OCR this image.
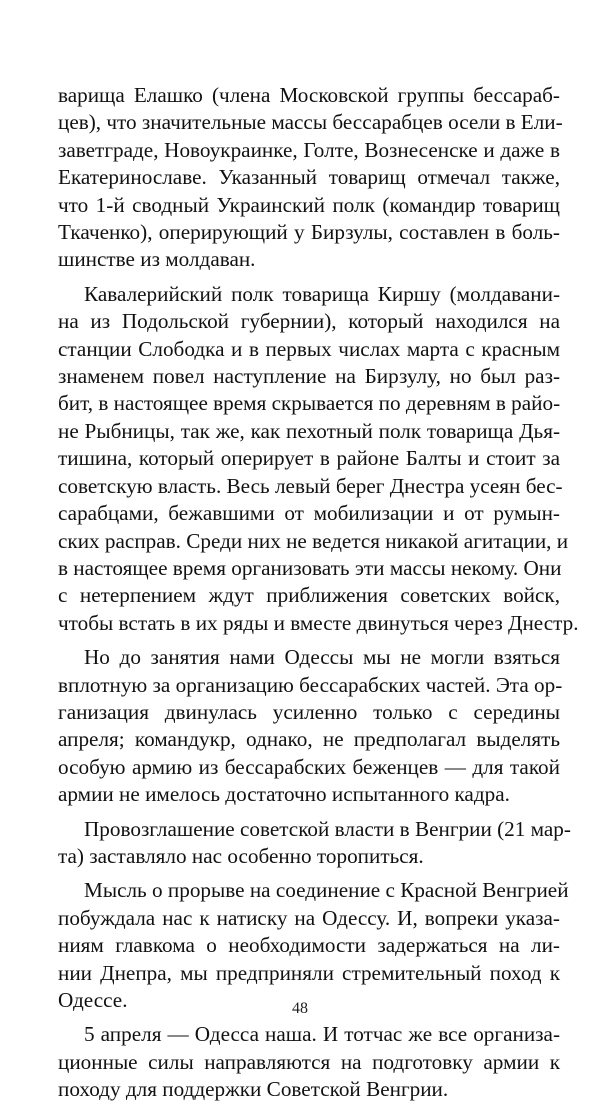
варища Елашко (члена Московской группы бессараб-
цев), что значительные массы бессарабцев осели в Ели-
заветграде, Новоукраинке, Голте, Вознесенске и даже в
Екатеринославе. Указанный товарищ отмечал также,
что 1-й сводный Украинский полк (командир товарищ
Ткаченко), оперирующий у Бирзулы, составлен в боль-
шинстве из молдаван.

Кавалерийский полк товарища Киршу (молдавани-
на из Подольской губернии), который находился на
станции Слободка и в первых числах марта с красным
знаменем повел наступление на Бирзулу, но был раз-
бит, в настоящее время скрывается по деревням в райо-
не Рыбницы, так же, как пехотный полк товарища Дья-
тишина, который оперирует в районе Балты и стоит за
советскую власть. Весь левый берег Днестра усеян бес-
сарабцами, бежавшими от мобилизации и от румын-
ских расправ. Среди них не ведется никакой агитации, и
в настоящее время организовать эти массы некому. Они
с нетерпением ждут приближения советских войск,
чтобы встать в их ряды и вместе двинуться через Днестр.

Но до занятия нами Одессы мы не могли взяться
вплотную за организацию бессарабских частей. Эта ор-
ганизация двинулась усиленно только с середины
апреля; командукр, однако, не предполагал выделять
особую армию из бессарабских беженцев — для такой
армии не имелось достаточно испытанного кадра.

Провозглашение советской власти в Венгрии (21 мар-
та) заставляло нас особенно торопиться.

Мысль о прорыве на соединение с Красной Венгрией
побуждала нас к натиску на Одессу. И, вопреки указа-
ниям главкома о необходимости задержаться на ли-
нии Днепра, мы предприняли стремительный поход к
Одессе.

5 апреля — Одесса наша. И тотчас же все организа-
ционные силы направляются на подготовку армии к
походу для поддержки Советской Венгрии.

48
